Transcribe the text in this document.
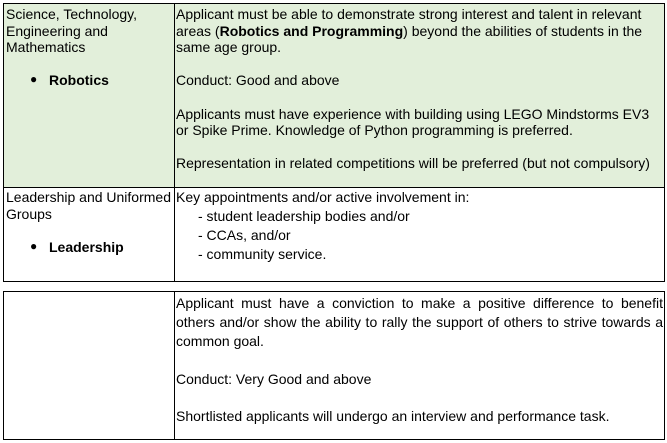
Science, Technology,
Engineering and
Mathematics
● Robotics
Applicant must be able to demonstrate strong interest and talent in relevant
areas (Robotics and Programming) beyond the abilities of students in the
same age group.
Conduct: Good and above
Applicants must have experience with building using LEGO Mindstorms EV3
or Spike Prime. Knowledge of Python programming is preferred.
Representation in related competitions will be preferred (but not compulsory)
Leadership and Uniformed
Groups
● Leadership
Key appointments and/or active involvement in:
- student leadership bodies and/or
- CCAs, and/or
- community service.
Applicant must have a conviction to make a positive difference to benefit
others and/or show the ability to rally the support of others to strive towards a
common goal.
Conduct: Very Good and above
Shortlisted applicants will undergo an interview and performance task.
